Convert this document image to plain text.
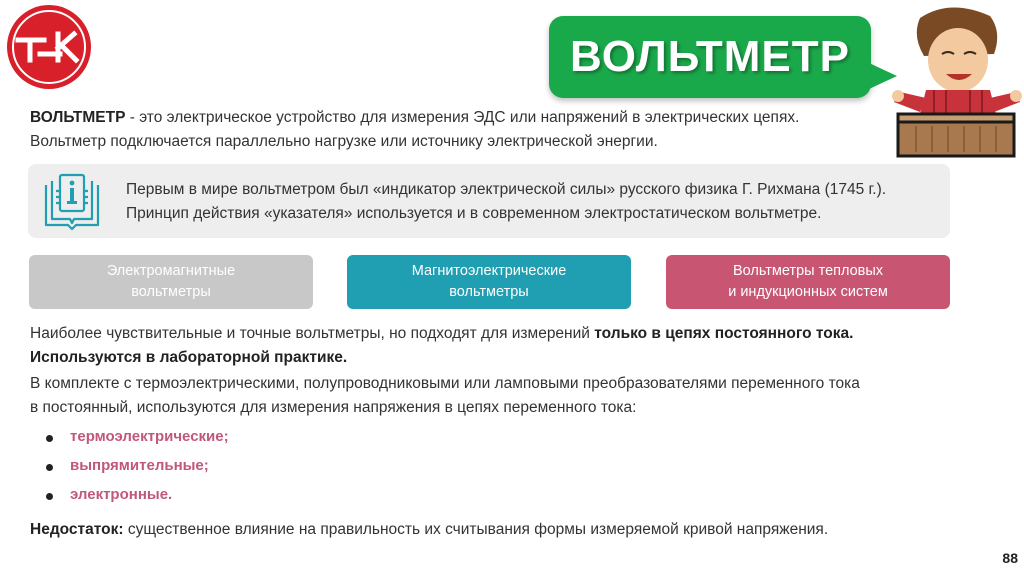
ВОЛЬТМЕТР
ВОЛЬТМЕТР - это электрическое устройство для измерения ЭДС или напряжений в электрических цепях.
Вольтметр подключается параллельно нагрузке или источнику электрической энергии.
Первым в мире вольтметром был «индикатор электрической силы» русского физика Г. Рихмана (1745 г.).
Принцип действия «указателя» используется и в современном электростатическом вольтметре.
Электромагнитные
вольтметры
Магнитоэлектрические
вольтметры
Вольтметры тепловых
и индукционных систем
Наиболее чувствительные и точные вольтметры, но подходят для измерений только в цепях постоянного тока.
Используются в лабораторной практике.
В комплекте с термоэлектрическими, полупроводниковыми или ламповыми преобразователями переменного тока
в постоянный, используются для измерения напряжения в цепях переменного тока:
термоэлектрические;
выпрямительные;
электронные.
Недостаток: существенное влияние на правильность их считывания формы измеряемой кривой напряжения.
88
